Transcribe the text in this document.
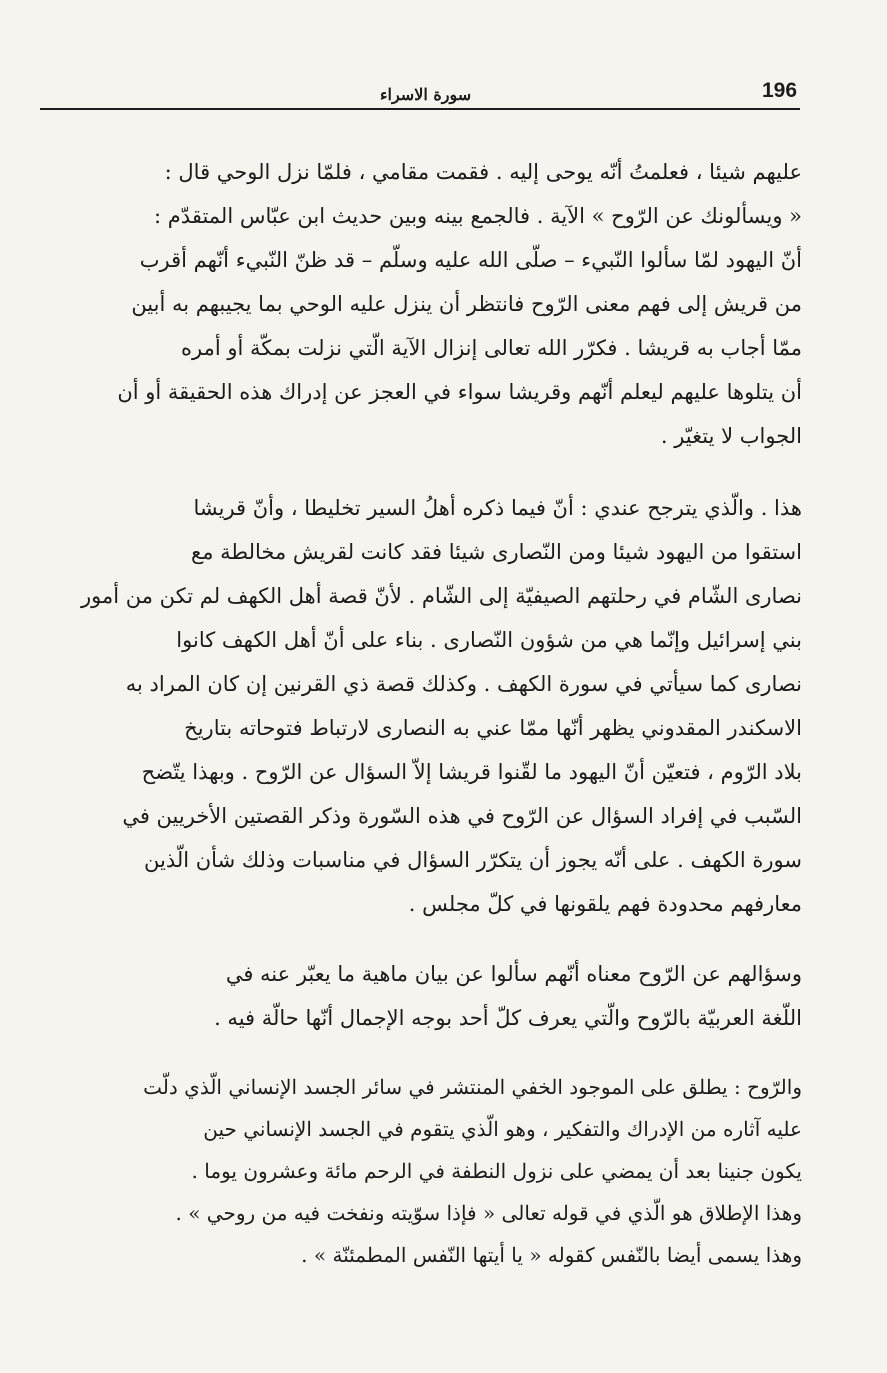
196
سورة الاسراء

عليهم شيئا ، فعلمتُ أنّه يوحى إليه . فقمت مقامي ، فلمّا نزل الوحي قال :
« ويسألونك عن الرّوح » الآية . فالجمع بينه وبين حديث ابن عبّاس المتقدّم :
أنّ اليهود لمّا سألوا النّبيء – صلّى الله عليه وسلّم – قد ظنّ النّبيء أنّهم أقرب
من قريش إلى فهم معنى الرّوح فانتظر أن ينزل عليه الوحي بما يجيبهم به أبين
ممّا أجاب به قريشا . فكرّر الله تعالى إنزال الآية الّتي نزلت بمكّة أو أمره
أن يتلوها عليهم ليعلم أنّهم وقريشا سواء في العجز عن إدراك هذه الحقيقة أو أن
الجواب لا يتغيّر .

هذا . والّذي يترجح عندي : أنّ فيما ذكره أهلُ السير تخليطا ، وأنّ قريشا
استقوا من اليهود شيئا ومن النّصارى شيئا فقد كانت لقريش مخالطة مع
نصارى الشّام في رحلتهم الصيفيّة إلى الشّام . لأنّ قصة أهل الكهف لم تكن من أمور
بني إسرائيل وإنّما هي من شؤون النّصارى . بناء على أنّ أهل الكهف كانوا
نصارى كما سيأتي في سورة الكهف . وكذلك قصة ذي القرنين إن كان المراد به
الاسكندر المقدوني يظهر أنّها ممّا عني به النصارى لارتباط فتوحاته بتاريخ
بلاد الرّوم ، فتعيّن أنّ اليهود ما لقّنوا قريشا إلاّ السؤال عن الرّوح . وبهذا يتّضح
السّبب في إفراد السؤال عن الرّوح في هذه السّورة وذكر القصتين الأخريين في
سورة الكهف . على أنّه يجوز أن يتكرّر السؤال في مناسبات وذلك شأن الّذين
معارفهم محدودة فهم يلقونها في كلّ مجلس .

وسؤالهم عن الرّوح معناه أنّهم سألوا عن بيان ماهية ما يعبّر عنه في
اللّغة العربيّة بالرّوح والّتي يعرف كلّ أحد بوجه الإجمال أنّها حالّة فيه .

والرّوح : يطلق على الموجود الخفي المنتشر في سائر الجسد الإنساني الّذي دلّت
عليه آثاره من الإدراك والتفكير ، وهو الّذي يتقوم في الجسد الإنساني حين
يكون جنينا بعد أن يمضي على نزول النطفة في الرحم مائة وعشرون يوما .
وهذا الإطلاق هو الّذي في قوله تعالى « فإذا سوّيته ونفخت فيه من روحي » .
وهذا يسمى أيضا بالنّفس كقوله « يا أيتها النّفس المطمئنّة » .
